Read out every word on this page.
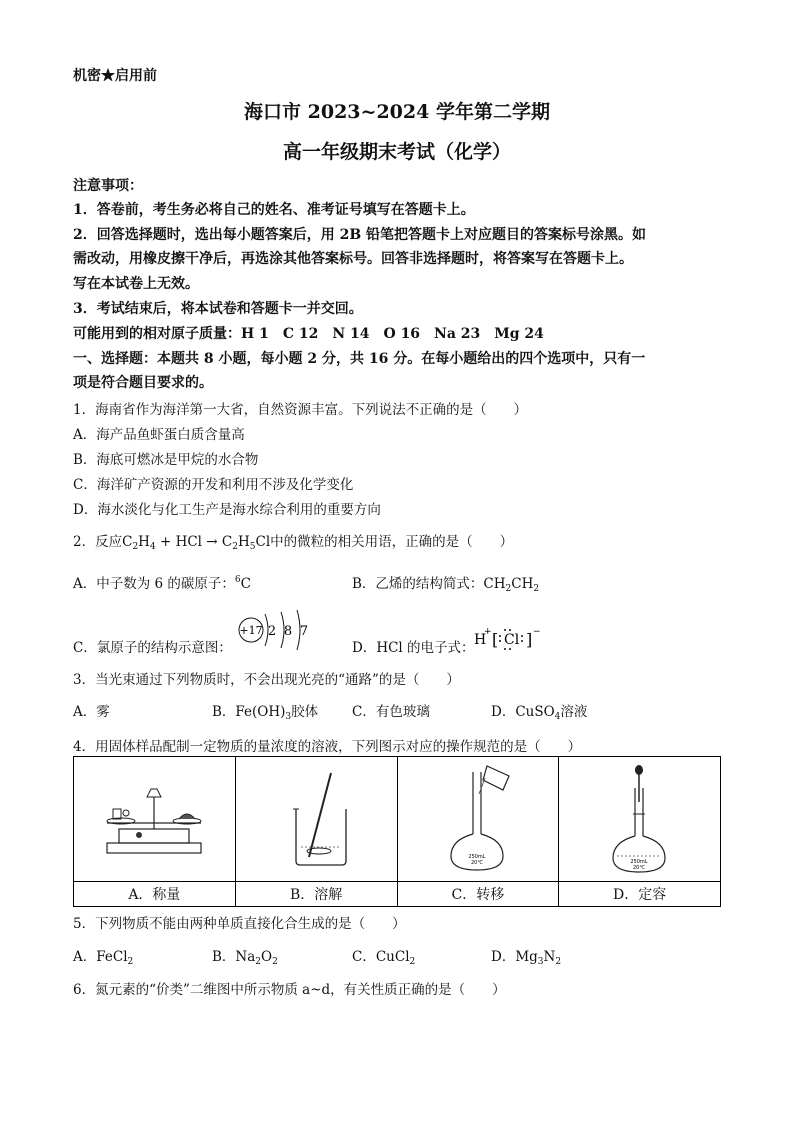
机密★启用前
海口市 2023~2024 学年第二学期
高一年级期末考试（化学）
注意事项：
1．答卷前，考生务必将自己的姓名、准考证号填写在答题卡上。
2．回答选择题时，选出每小题答案后，用 2B 铅笔把答题卡上对应题目的答案标号涂黑。如
需改动，用橡皮擦干净后，再选涂其他答案标号。回答非选择题时，将答案写在答题卡上。
写在本试卷上无效。
3．考试结束后，将本试卷和答题卡一并交回。
可能用到的相对原子质量：H 1　C 12　N 14　O 16　Na 23　Mg 24
一、选择题：本题共 8 小题，每小题 2 分，共 16 分。在每小题给出的四个选项中，只有一
项是符合题目要求的。
1．海南省作为海洋第一大省，自然资源丰富。下列说法不正确的是（　　）
A．海产品鱼虾蛋白质含量高
B．海底可燃冰是甲烷的水合物
C．海洋矿产资源的开发和利用不涉及化学变化
D．海水淡化与化工生产是海水综合利用的重要方向
2．反应$C_2H_4$ + HCl → $C_2H_5Cl$中的微粒的相关用语，正确的是（　　）
A．中子数为 6 的碳原子：$^6$C	B．乙烯的结构简式：$CH_2CH_2$
C．氯原子的结构示意图：
+17 2 8 7
D．HCl 的电子式： H
+ [ Cl ] −
3．当光束通过下列物质时，不会出现光亮的“通路”的是（　　）
A．雾	B．$Fe(OH)_3$胶体	C．有色玻璃	D．CuSO$_4$溶液
4．用固体样品配制一定物质的量浓度的溶液，下列图示对应的操作规范的是（　　）

250mL
20℃	250mL
20℃

A．称量	B．溶解	C．转移	D．定容
5．下列物质不能由两种单质直接化合生成的是（　　）
A．FeCl$_2$	B．$Na_2O_2$	C．CuCl$_2$	D．$Mg_3N_2$
6．氮元素的“价类”二维图中所示物质 a~d，有关性质正确的是（　　）
